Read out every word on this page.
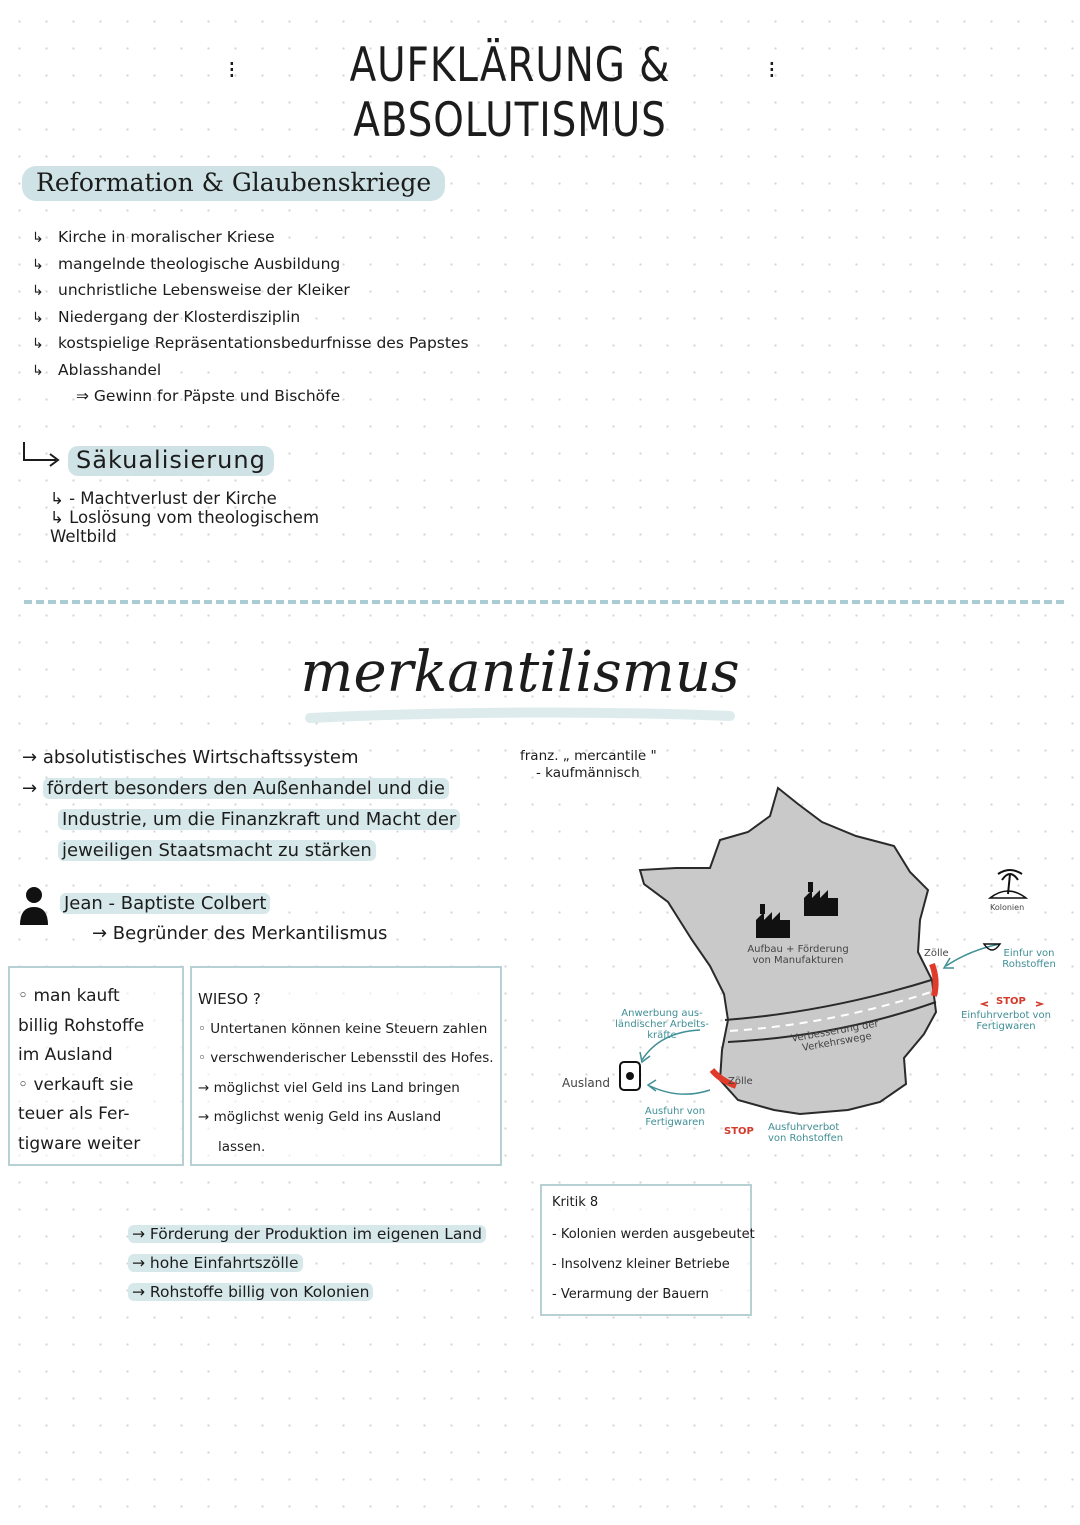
⁝	AUFKLÄRUNG & ABSOLUTISMUS
⁝
Reformation & Glaubenskriege
↳ Kirche in moralischer Kriese
↳ mangelnde theologische Ausbildung
↳ unchristliche Lebensweise der Kleiker
↳ Niedergang der Klosterdisziplin
↳ kostspielige Repräsentationsbedurfnisse des Papstes
↳ Ablasshandel
⇒ Gewinn for Päpste und Bischöfe
Säkualisierung
↳ - Machtverlust der Kirche
↳ Loslösung vom theologischem Weltbild
merkantilismus
→ absolutistisches Wirtschaftssystem
→ fördert besonders den Außenhandel und die
Industrie, um die Finanzkraft und Macht der
jeweiligen Staatsmacht zu stärken
franz. „ mercantile "
- kaufmännisch
Jean - Baptiste Colbert
→ Begründer des Merkantilismus
◦ man kauft
billig Rohstoffe
im Ausland
◦ verkauft sie
teuer als Fer-
tigware weiter
WIESO ?
◦ Untertanen können keine Steuern zahlen
◦ verschwenderischer Lebensstil des Hofes.
→ möglichst viel Geld ins Land bringen
→ möglichst wenig Geld ins Ausland
lassen.
→ Förderung der Produktion im eigenen Land
→ hohe Einfahrtszölle
→ Rohstoffe billig von Kolonien
Kritik 8
- Kolonien werden ausgebeutet
- Insolvenz kleiner Betriebe
- Verarmung der Bauern
Aufbau + Förderung von Manufakturen
Zölle
Verbesserung der Verkehrswege
Anwerbung aus-ländischer Arbeits-kräfte
Ausland	Zölle
Ausfuhr von Fertigwaren
STOP Ausfuhrverbot von Rohstoffen
Kolonien
Einfur von Rohstoffen
STOP
Einfuhrverbot von Fertigwaren
